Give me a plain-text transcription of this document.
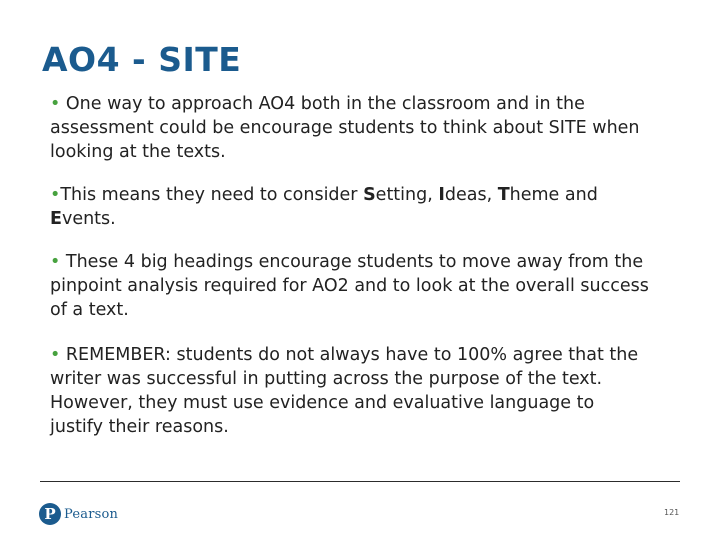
AO4 - SITE

• One way to approach AO4 both in the classroom and in the assessment could be encourage students to think about SITE when looking at the texts.

•This means they need to consider Setting, Ideas, Theme and Events.

• These 4 big headings encourage students to move away from the pinpoint analysis required for AO2 and to look at the overall success of a text.

• REMEMBER: students do not always have to 100% agree that the writer was successful in putting across the purpose of the text. However, they must use evidence and evaluative language to justify their reasons.

P Pearson	121
